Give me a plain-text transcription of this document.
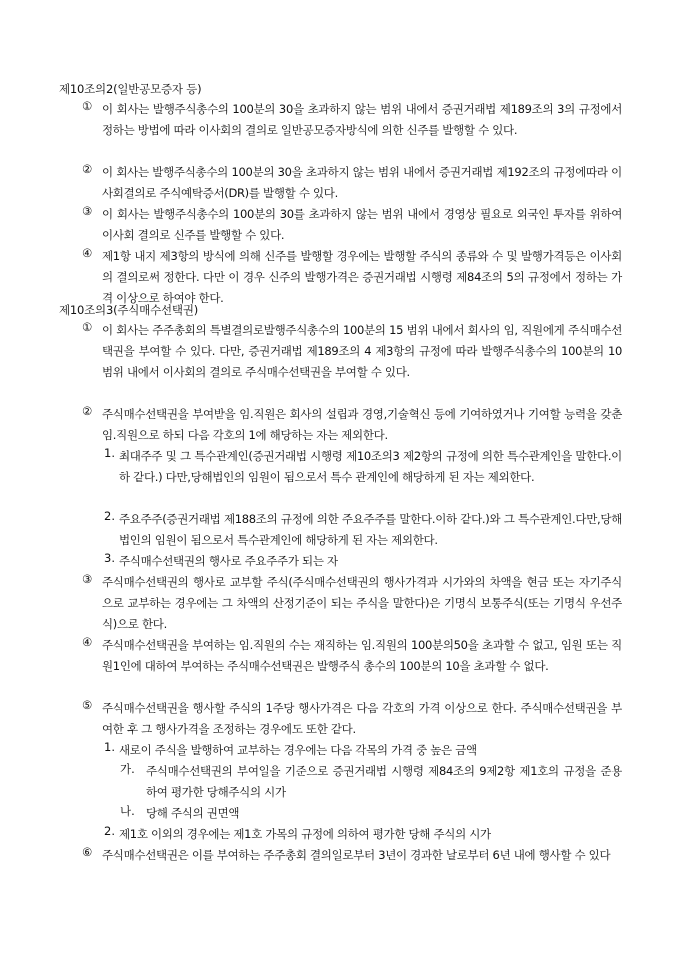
제10조의2(일반공모증자 등)
① 이 회사는 발행주식총수의 100분의 30을 초과하지 않는 범위 내에서 증권거래법 제189조의 3의 규정에서 정하는 방법에 따라 이사회의 결의로 일반공모증자방식에 의한 신주를 발행할 수 있다.
② 이 회사는 발행주식총수의 100분의 30을 초과하지 않는 범위 내에서 증권거래법 제192조의 규정에따라 이사회결의로 주식예탁증서(DR)를 발행할 수 있다.
③ 이 회사는 발행주식총수의 100분의 30를 초과하지 않는 범위 내에서 경영상 필요로 외국인 투자를 위하여 이사회 결의로 신주를 발행할 수 있다.
④ 제1항 내지 제3항의 방식에 의해 신주를 발행할 경우에는 발행할 주식의 종류와 수 및 발행가격등은 이사회의 결의로써 정한다. 다만 이 경우 신주의 발행가격은 증권거래법 시행령 제84조의 5의 규정에서 정하는 가격 이상으로 하여야 한다.
제10조의3(주식매수선택권)
① 이 회사는 주주총회의 특별결의로발행주식총수의 100분의 15 범위 내에서 회사의 임, 직원에게 주식매수선택권을 부여할 수 있다. 다만, 증권거래법 제189조의 4 제3항의 규정에 따라 발행주식총수의 100분의 10 범위 내에서 이사회의 결의로 주식매수선택권을 부여할 수 있다.
② 주식매수선택권을 부여받을 임.직원은 회사의 설립과 경영,기술혁신 등에 기여하였거나 기여할 능력을 갖춘 임.직원으로 하되 다음 각호의 1에 해당하는 자는 제외한다.
1. 최대주주 및 그 특수관계인(증권거래법 시행령 제10조의3 제2항의 규정에 의한 특수관계인을 말한다.이하 같다.) 다만,당해법인의 임원이 됨으로서 특수 관계인에 해당하게 된 자는 제외한다.
2. 주요주주(증권거래법 제188조의 규정에 의한 주요주주를 말한다.이하 같다.)와 그 특수관계인.다만,당해법인의 임원이 됨으로서 특수관계인에 해당하게 된 자는 제외한다.
3. 주식매수선택권의 행사로 주요주주가 되는 자
③ 주식매수선택권의 행사로 교부할 주식(주식매수선택권의 행사가격과 시가와의 차액을 현금 또는 자기주식으로 교부하는 경우에는 그 차액의 산정기준이 되는 주식을 말한다)은 기명식 보통주식(또는 기명식 우선주식)으로 한다.
④ 주식매수선택권을 부여하는 임.직원의 수는 재직하는 임.직원의 100분의50을 초과할 수 없고, 임원 또는 직원1인에 대하여 부여하는 주식매수선택권은 발행주식 총수의 100분의 10을 초과할 수 없다.
⑤ 주식매수선택권을 행사할 주식의 1주당 행사가격은 다음 각호의 가격 이상으로 한다. 주식매수선택권을 부여한 후 그 행사가격을 조정하는 경우에도 또한 같다.
1. 새로이 주식을 발행하여 교부하는 경우에는 다음 각목의 가격 중 높은 금액
가. 주식매수선택권의 부여일을 기준으로 증권거래법 시행령 제84조의 9제2항 제1호의 규정을 준용하여 평가한 당해주식의 시가
나. 당해 주식의 권면액
2. 제1호 이외의 경우에는 제1호 가목의 규정에 의하여 평가한 당해 주식의 시가
⑥ 주식매수선택권은 이를 부여하는 주주총회 결의일로부터 3년이 경과한 날로부터 6년 내에 행사할 수 있다
